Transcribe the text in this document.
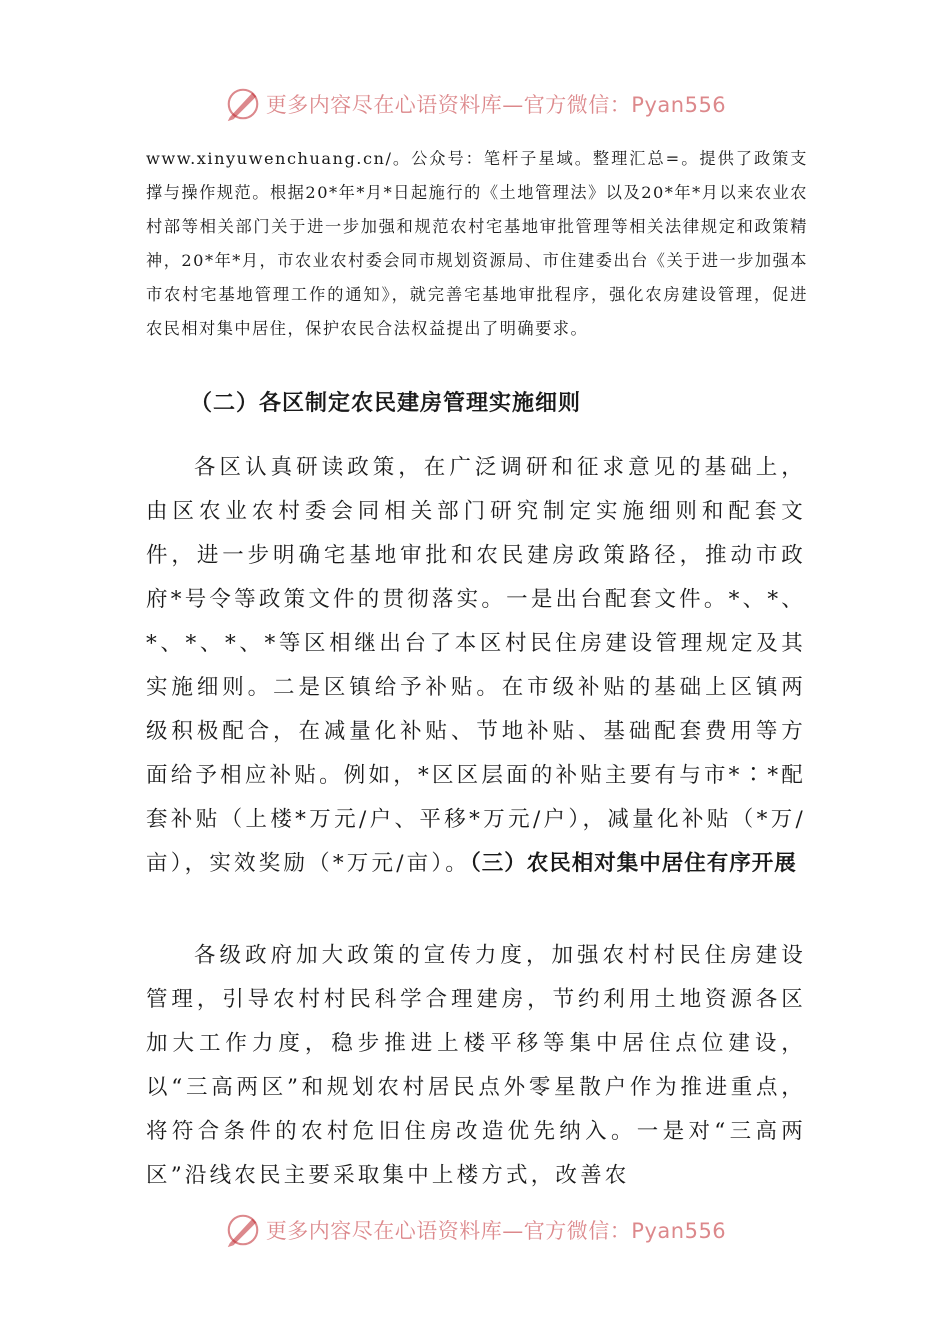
更多内容尽在心语资料库—官方微信：Pyan556

www.xinyuwenchuang.cn/。公众号：笔杆子星域。整理汇总=。提供了政策支撑与操作规范。根据20*年*月*日起施行的《土地管理法》以及20*年*月以来农业农村部等相关部门关于进一步加强和规范农村宅基地审批管理等相关法律规定和政策精神，20*年*月，市农业农村委会同市规划资源局、市住建委出台《关于进一步加强本市农村宅基地管理工作的通知》，就完善宅基地审批程序，强化农房建设管理，促进农民相对集中居住，保护农民合法权益提出了明确要求。

（二）各区制定农民建房管理实施细则

各区认真研读政策，在广泛调研和征求意见的基础上，由区农业农村委会同相关部门研究制定实施细则和配套文件，进一步明确宅基地审批和农民建房政策路径，推动市政府*号令等政策文件的贯彻落实。一是出台配套文件。*、*、*、*、*、*等区相继出台了本区村民住房建设管理规定及其实施细则。二是区镇给予补贴。在市级补贴的基础上区镇两级积极配合，在减量化补贴、节地补贴、基础配套费用等方面给予相应补贴。例如，*区区层面的补贴主要有与市*∶*配套补贴（上楼*万元/户、平移*万元/户），减量化补贴（*万/亩），实效奖励（*万元/亩）。（三）农民相对集中居住有序开展

各级政府加大政策的宣传力度，加强农村村民住房建设管理，引导农村村民科学合理建房，节约利用土地资源各区加大工作力度，稳步推进上楼平移等集中居住点位建设，以“三高两区”和规划农村居民点外零星散户作为推进重点，将符合条件的农村危旧住房改造优先纳入。一是对“三高两区”沿线农民主要采取集中上楼方式，改善农

更多内容尽在心语资料库—官方微信：Pyan556
